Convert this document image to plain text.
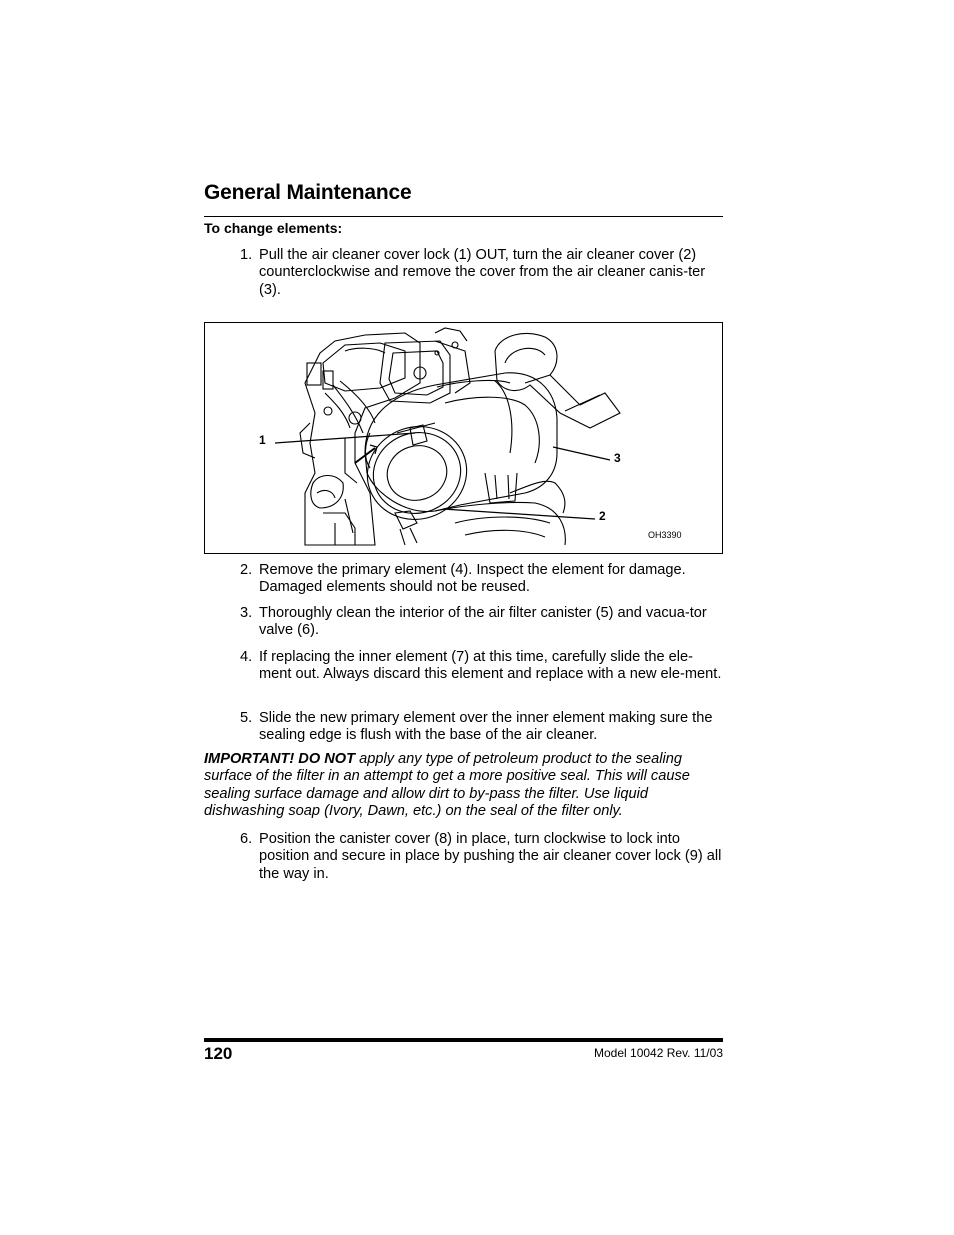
General Maintenance
To change elements:
1. Pull the air cleaner cover lock (1) OUT, turn the air cleaner cover (2) counterclockwise and remove the cover from the air cleaner canis-ter (3).
1
2
3
OH3390
2. Remove the primary element (4). Inspect the element for damage. Damaged elements should not be reused.
3. Thoroughly clean the interior of the air filter canister (5) and vacua-tor valve (6).
4. If replacing the inner element (7) at this time, carefully slide the ele-ment out. Always discard this element and replace with a new ele-ment.
5. Slide the new primary element over the inner element making sure the sealing edge is flush with the base of the air cleaner.
IMPORTANT! DO NOT apply any type of petroleum product to the sealing surface of the filter in an attempt to get a more positive seal. This will cause sealing surface damage and allow dirt to by-pass the filter. Use liquid dishwashing soap (Ivory, Dawn, etc.) on the seal of the filter only.
6. Position the canister cover (8) in place, turn clockwise to lock into position and secure in place by pushing the air cleaner cover lock (9) all the way in.
120	Model 10042 Rev. 11/03
